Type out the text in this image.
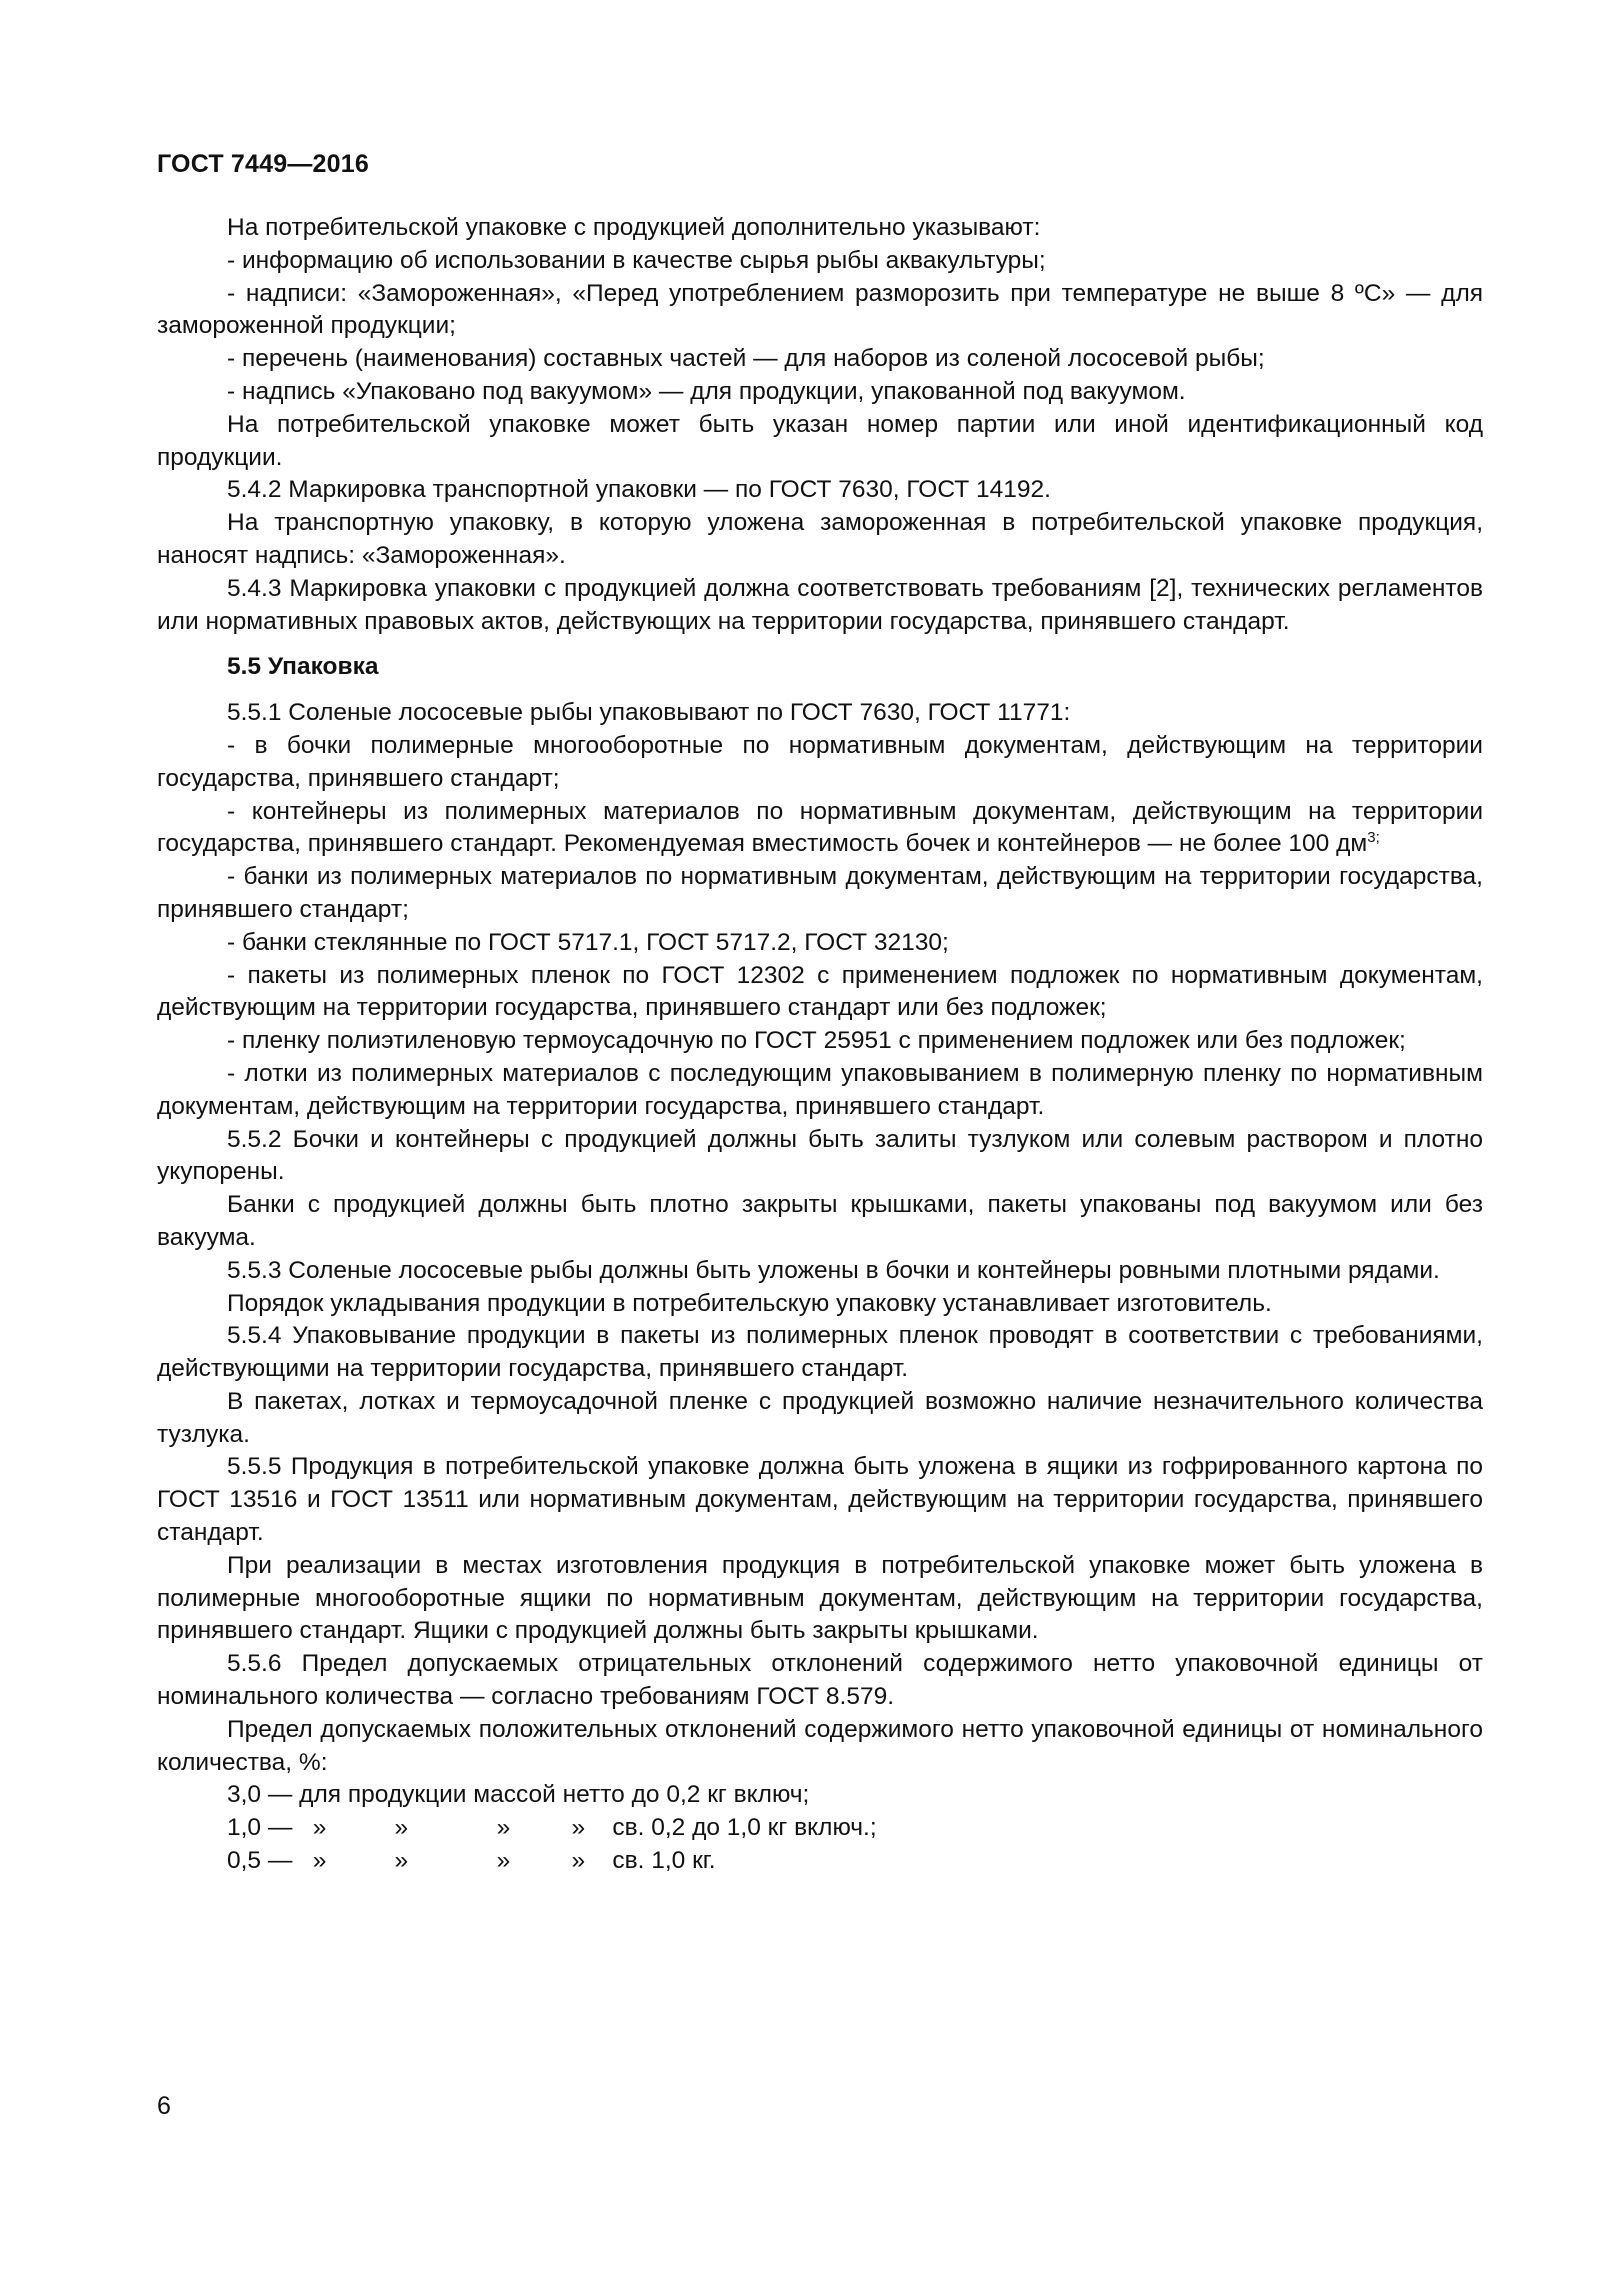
ГОСТ 7449—2016

На потребительской упаковке с продукцией дополнительно указывают:

- информацию об использовании в качестве сырья рыбы аквакультуры;

- надписи: «Замороженная», «Перед употреблением разморозить при температуре не выше 8 ºС» — для замороженной продукции;

- перечень (наименования) составных частей — для наборов из соленой лососевой рыбы;

- надпись «Упаковано под вакуумом» — для продукции, упакованной под вакуумом.

На потребительской упаковке может быть указан номер партии или иной идентификационный код продукции.

5.4.2 Маркировка транспортной упаковки — по ГОСТ 7630, ГОСТ 14192.

На транспортную упаковку, в которую уложена замороженная в потребительской упаковке продукция, наносят надпись: «Замороженная».

5.4.3 Маркировка упаковки с продукцией должна соответствовать требованиям [2], технических регламентов или нормативных правовых актов, действующих на территории государства, принявшего стандарт.

5.5 Упаковка

5.5.1 Соленые лососевые рыбы упаковывают по ГОСТ 7630, ГОСТ 11771:

- в бочки полимерные многооборотные по нормативным документам, действующим на территории государства, принявшего стандарт;

- контейнеры из полимерных материалов по нормативным документам, действующим на территории государства, принявшего стандарт. Рекомендуемая вместимость бочек и контейнеров — не более 100 $дм^{3;}$

- банки из полимерных материалов по нормативным документам, действующим на территории государства, принявшего стандарт;

- банки стеклянные по ГОСТ 5717.1, ГОСТ 5717.2, ГОСТ 32130;

- пакеты из полимерных пленок по ГОСТ 12302 с применением подложек по нормативным документам, действующим на территории государства, принявшего стандарт или без подложек;

- пленку полиэтиленовую термоусадочную по ГОСТ 25951 с применением подложек или без подложек;

- лотки из полимерных материалов с последующим упаковыванием в полимерную пленку по нормативным документам, действующим на территории государства, принявшего стандарт.

5.5.2 Бочки и контейнеры с продукцией должны быть залиты тузлуком или солевым раствором и плотно укупорены.

Банки с продукцией должны быть плотно закрыты крышками, пакеты упакованы под вакуумом или без вакуума.

5.5.3 Соленые лососевые рыбы должны быть уложены в бочки и контейнеры ровными плотными рядами.

Порядок укладывания продукции в потребительскую упаковку устанавливает изготовитель.

5.5.4 Упаковывание продукции в пакеты из полимерных пленок проводят в соответствии с требованиями, действующими на территории государства, принявшего стандарт.

В пакетах, лотках и термоусадочной пленке с продукцией возможно наличие незначительного количества тузлука.

5.5.5 Продукция в потребительской упаковке должна быть уложена в ящики из гофрированного картона по ГОСТ 13516 и ГОСТ 13511 или нормативным документам, действующим на территории государства, принявшего стандарт.

При реализации в местах изготовления продукция в потребительской упаковке может быть уложена в полимерные многооборотные ящики по нормативным документам, действующим на территории государства, принявшего стандарт. Ящики с продукцией должны быть закрыты крышками.

5.5.6 Предел допускаемых отрицательных отклонений содержимого нетто упаковочной единицы от номинального количества — согласно требованиям ГОСТ 8.579.

Предел допускаемых положительных отклонений содержимого нетто упаковочной единицы от номинального количества, %:

3,0 — для продукции массой нетто до 0,2 кг включ;

1,0 —   »          »             »         »    св. 0,2 до 1,0 кг включ.;

0,5 —   »          »             »         »    св. 1,0 кг.

6
